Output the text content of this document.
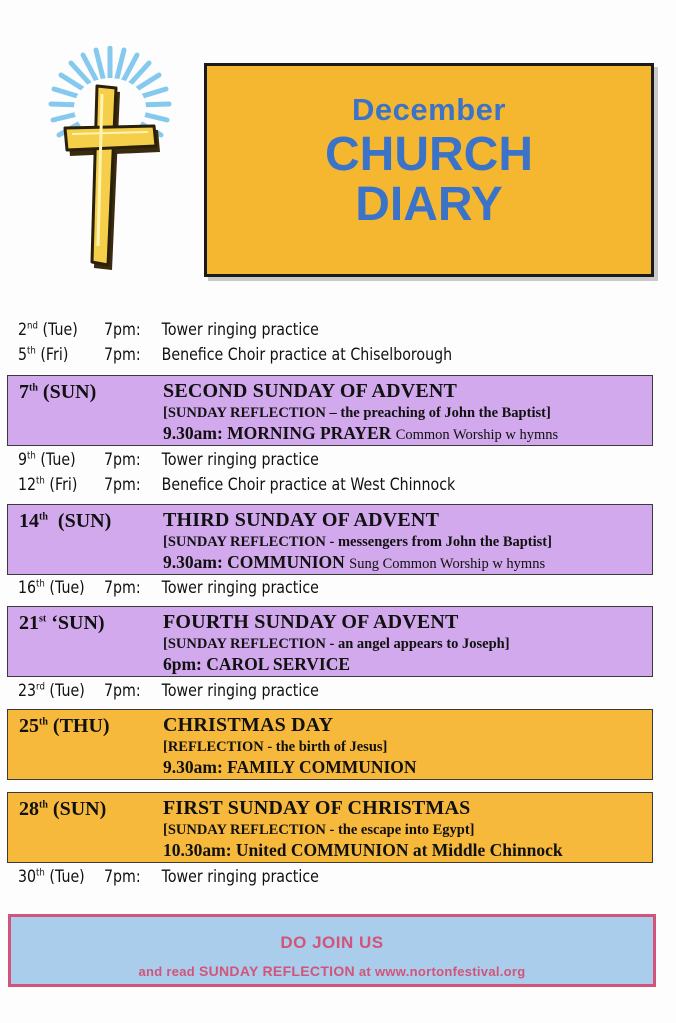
December
CHURCH
DIARY
2nd (Tue) 7pm: Tower ringing practice
5th (Fri) 7pm: Benefice Choir practice at Chiselborough
7th (SUN)	SECOND SUNDAY OF ADVENT
[SUNDAY REFLECTION – the preaching of John the Baptist]
9.30am: MORNING PRAYER Common Worship w hymns
9th (Tue) 7pm: Tower ringing practice
12th (Fri) 7pm: Benefice Choir practice at West Chinnock
14th (SUN)	THIRD SUNDAY OF ADVENT
[SUNDAY REFLECTION - messengers from John the Baptist]
9.30am: COMMUNION Sung Common Worship w hymns
16th (Tue) 7pm: Tower ringing practice
21st ‘SUN)	FOURTH SUNDAY OF ADVENT
[SUNDAY REFLECTION - an angel appears to Joseph]
6pm: CAROL SERVICE
23rd (Tue) 7pm: Tower ringing practice
25th (THU)	CHRISTMAS DAY
[REFLECTION - the birth of Jesus]
9.30am: FAMILY COMMUNION
28th (SUN)	FIRST SUNDAY OF CHRISTMAS
[SUNDAY REFLECTION - the escape into Egypt]
10.30am: United COMMUNION at Middle Chinnock
30th (Tue) 7pm: Tower ringing practice
DO JOIN US
and read SUNDAY REFLECTION at www.nortonfestival.org
